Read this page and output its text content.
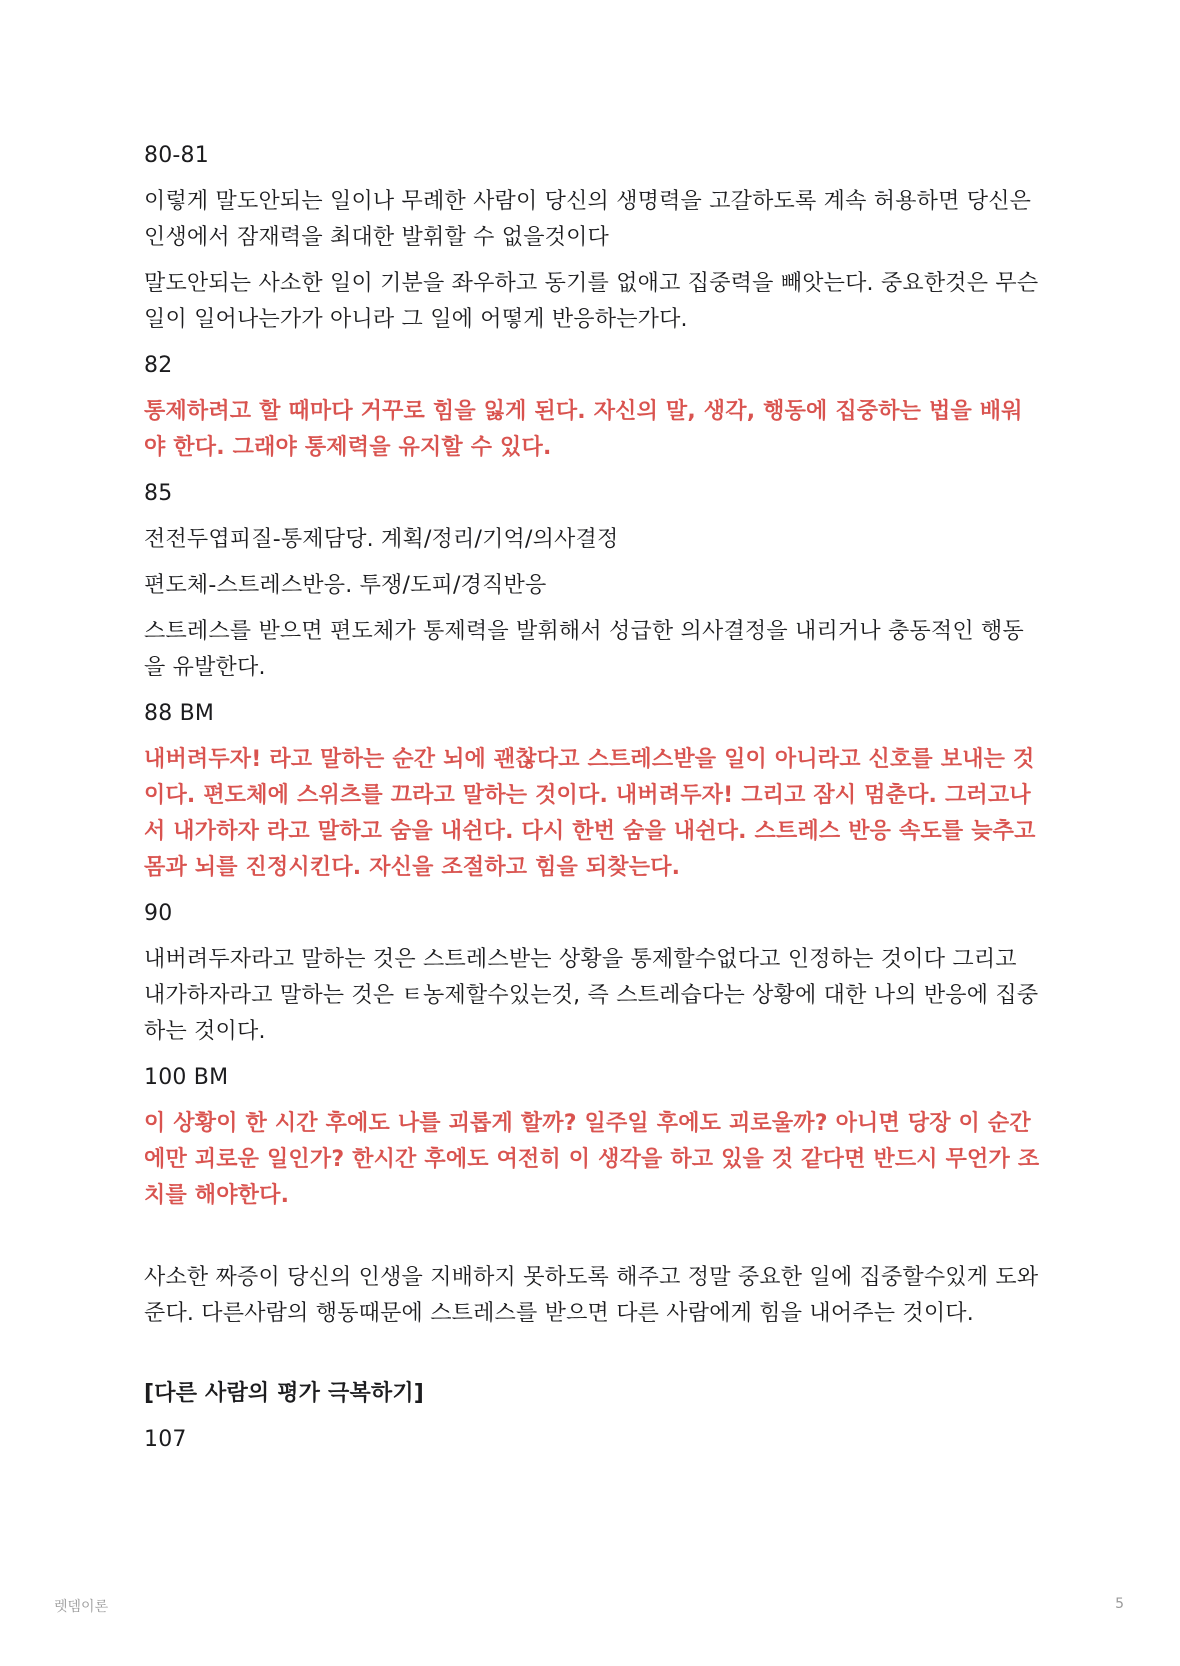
80-81

이렇게 말도안되는 일이나 무례한 사람이 당신의 생명력을 고갈하도록 계속 허용하면 당신은 인생에서 잠재력을 최대한 발휘할 수 없을것이다

말도안되는 사소한 일이 기분을 좌우하고 동기를 없애고 집중력을 빼앗는다. 중요한것은 무슨 일이 일어나는가가 아니라 그 일에 어떻게 반응하는가다.

82

통제하려고 할 때마다 거꾸로 힘을 잃게 된다. 자신의 말, 생각, 행동에 집중하는 법을 배워야 한다. 그래야 통제력을 유지할 수 있다.

85

전전두엽피질-통제담당. 계획/정리/기억/의사결정

편도체-스트레스반응. 투쟁/도피/경직반응

스트레스를 받으면 편도체가 통제력을 발휘해서 성급한 의사결정을 내리거나 충동적인 행동을 유발한다.

88 BM

내버려두자! 라고 말하는 순간 뇌에 괜찮다고 스트레스받을 일이 아니라고 신호를 보내는 것이다. 편도체에 스위츠를 끄라고 말하는 것이다. 내버려두자! 그리고 잠시 멈춘다. 그러고나서 내가하자 라고 말하고 숨을 내쉰다. 다시 한번 숨을 내쉰다. 스트레스 반응 속도를 늦추고 몸과 뇌를 진정시킨다. 자신을 조절하고 힘을 되찾는다.

90

내버려두자라고 말하는 것은 스트레스받는 상황을 통제할수없다고 인정하는 것이다 그리고 내가하자라고 말하는 것은 ㅌ농제할수있는것, 즉 스트레습다는 상황에 대한 나의 반응에 집중하는 것이다.

100 BM

이 상황이 한 시간 후에도 나를 괴롭게 할까? 일주일 후에도 괴로울까? 아니면 당장 이 순간에만 괴로운 일인가? 한시간 후에도 여전히 이 생각을 하고 있을 것 같다면 반드시 무언가 조치를 해야한다.

사소한 짜증이 당신의 인생을 지배하지 못하도록 해주고 정말 중요한 일에 집중할수있게 도와준다. 다른사람의 행동때문에 스트레스를 받으면 다른 사람에게 힘을 내어주는 것이다.

[다른 사람의 평가 극복하기]

107

렛뎀이론	5
